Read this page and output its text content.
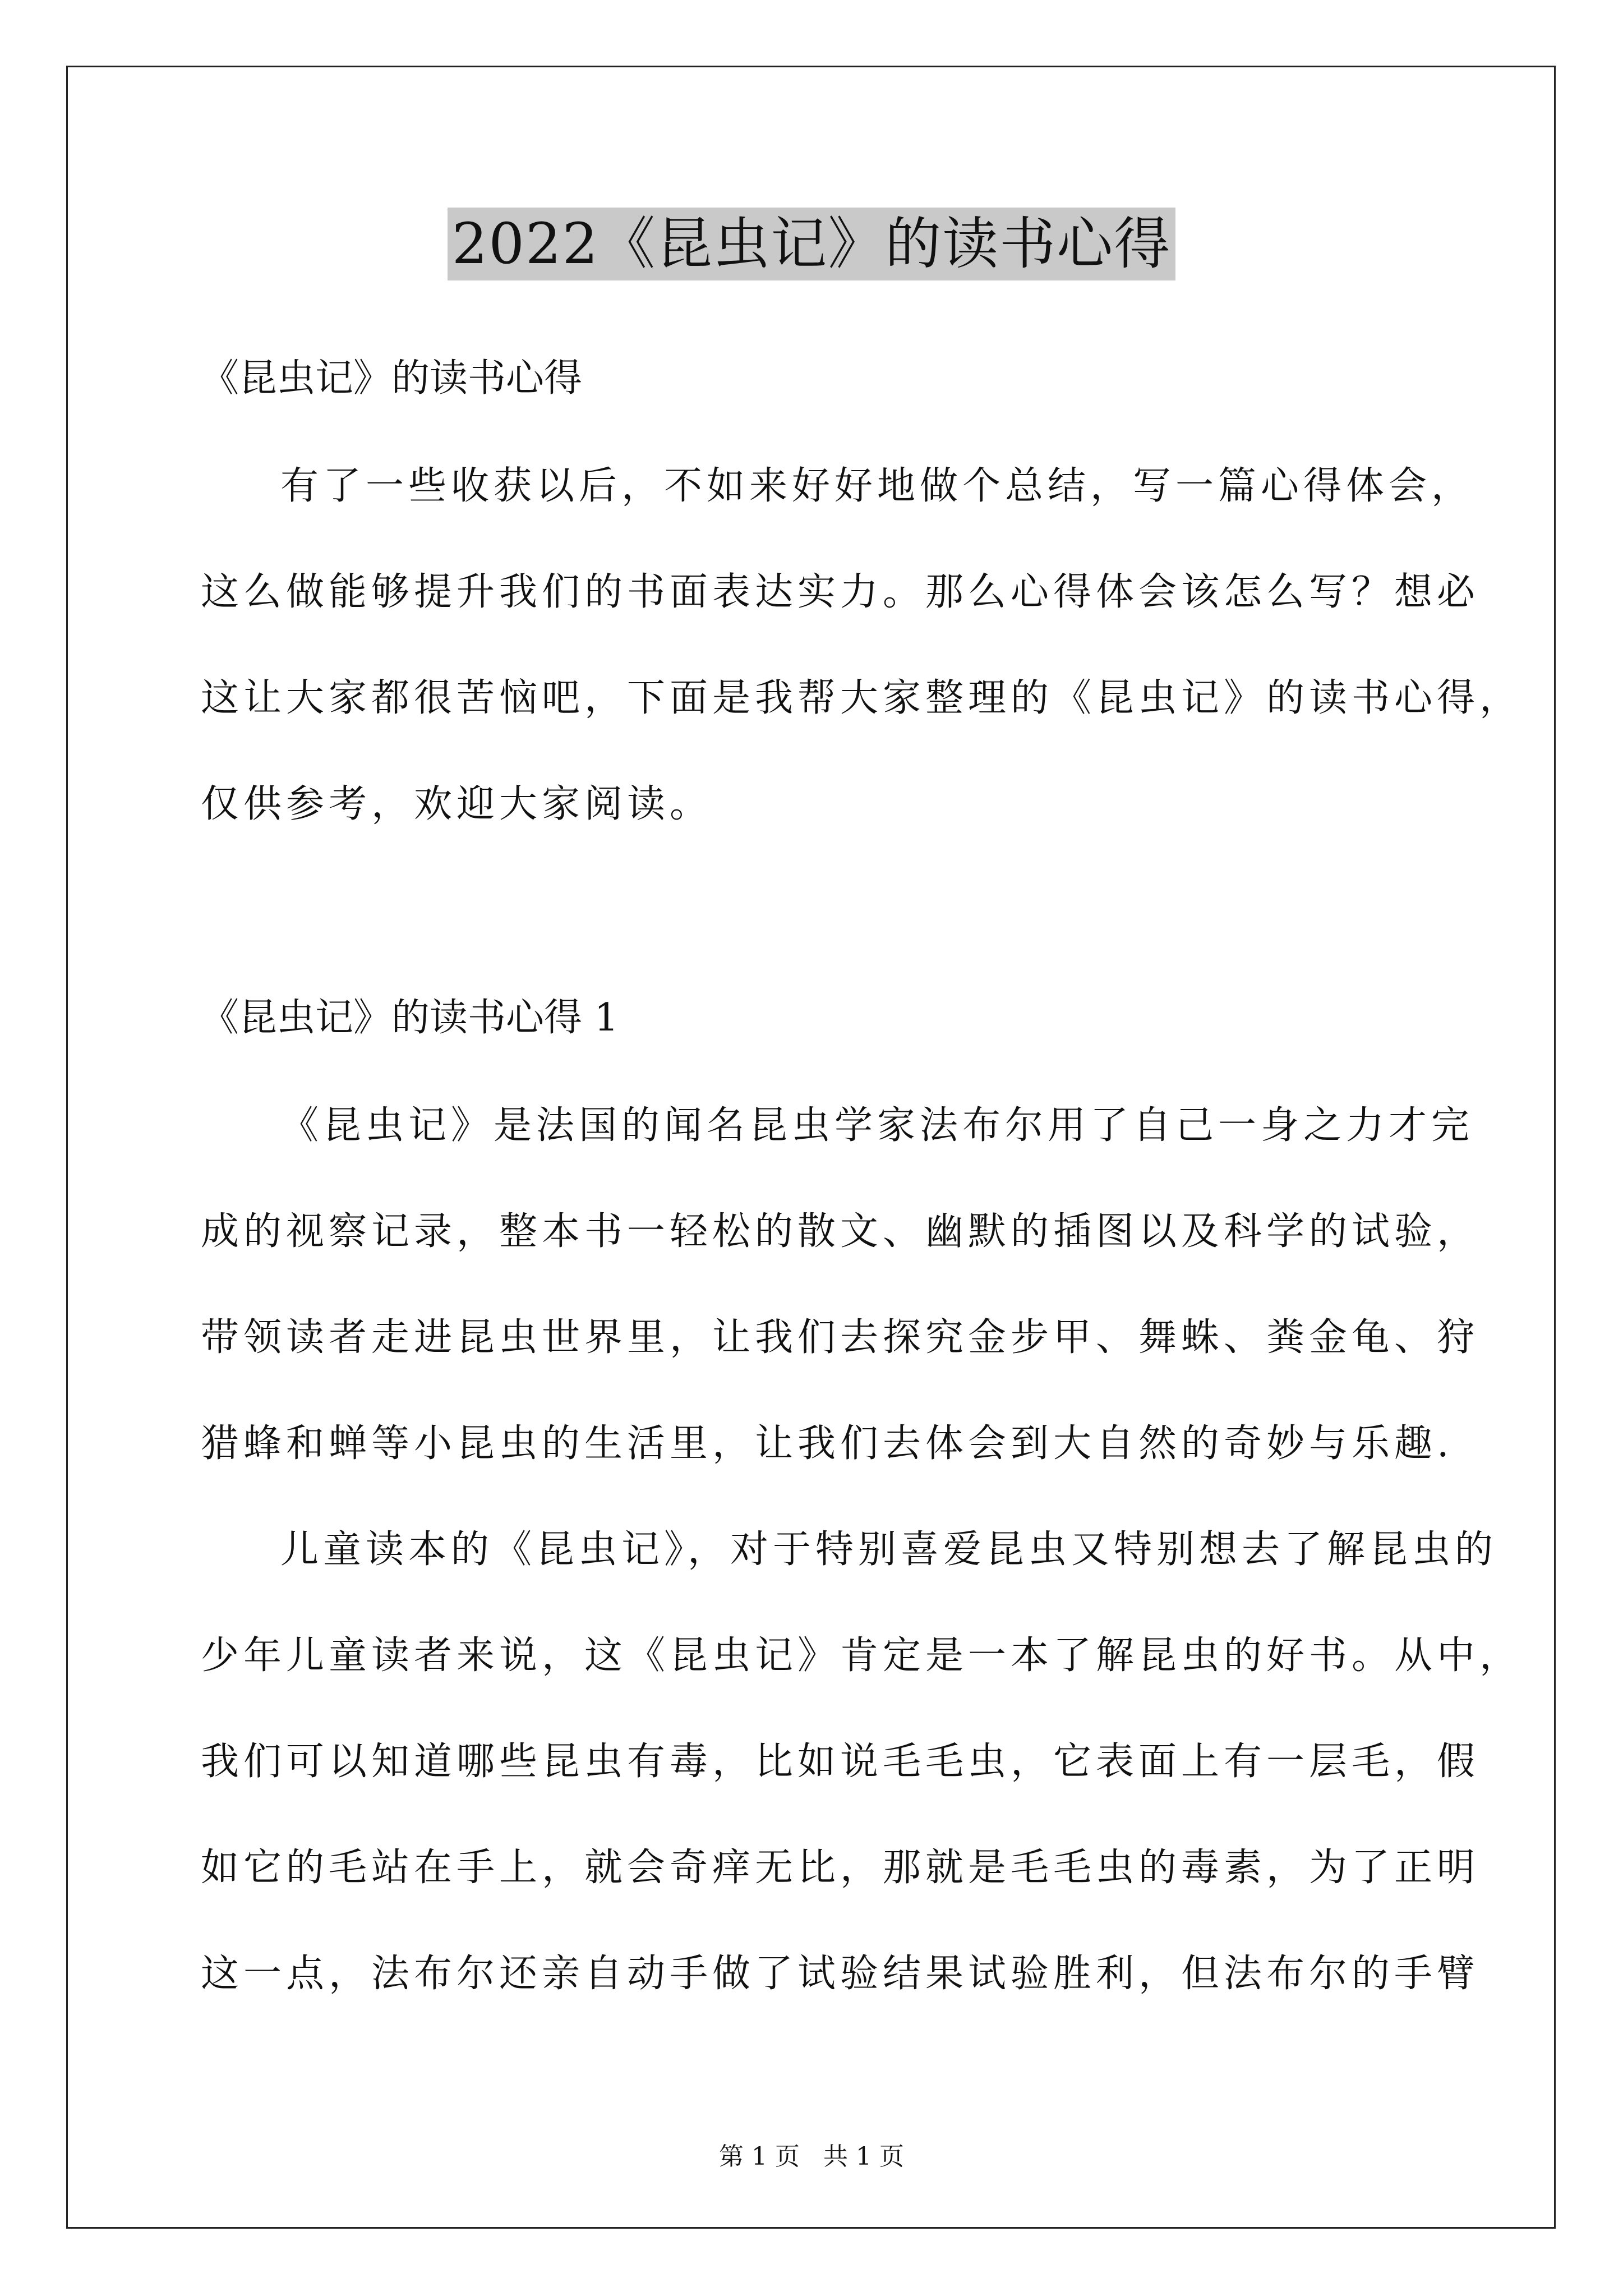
2022《昆虫记》的读书心得
《昆虫记》的读书心得
有了一些收获以后，不如来好好地做个总结，写一篇心得体会，
这么做能够提升我们的书面表达实力。那么心得体会该怎么写？想必
这让大家都很苦恼吧，下面是我帮大家整理的《昆虫记》的读书心得，
仅供参考，欢迎大家阅读。
《昆虫记》的读书心得 1
《昆虫记》是法国的闻名昆虫学家法布尔用了自己一身之力才完
成的视察记录，整本书一轻松的散文、幽默的插图以及科学的试验，
带领读者走进昆虫世界里，让我们去探究金步甲、舞蛛、粪金龟、狩
猎蜂和蝉等小昆虫的生活里，让我们去体会到大自然的奇妙与乐趣.
儿童读本的《昆虫记》，对于特别喜爱昆虫又特别想去了解昆虫的
少年儿童读者来说，这《昆虫记》肯定是一本了解昆虫的好书。从中，
我们可以知道哪些昆虫有毒，比如说毛毛虫，它表面上有一层毛，假
如它的毛站在手上，就会奇痒无比，那就是毛毛虫的毒素，为了正明
这一点，法布尔还亲自动手做了试验结果试验胜利，但法布尔的手臂
第 1 页   共 1 页
